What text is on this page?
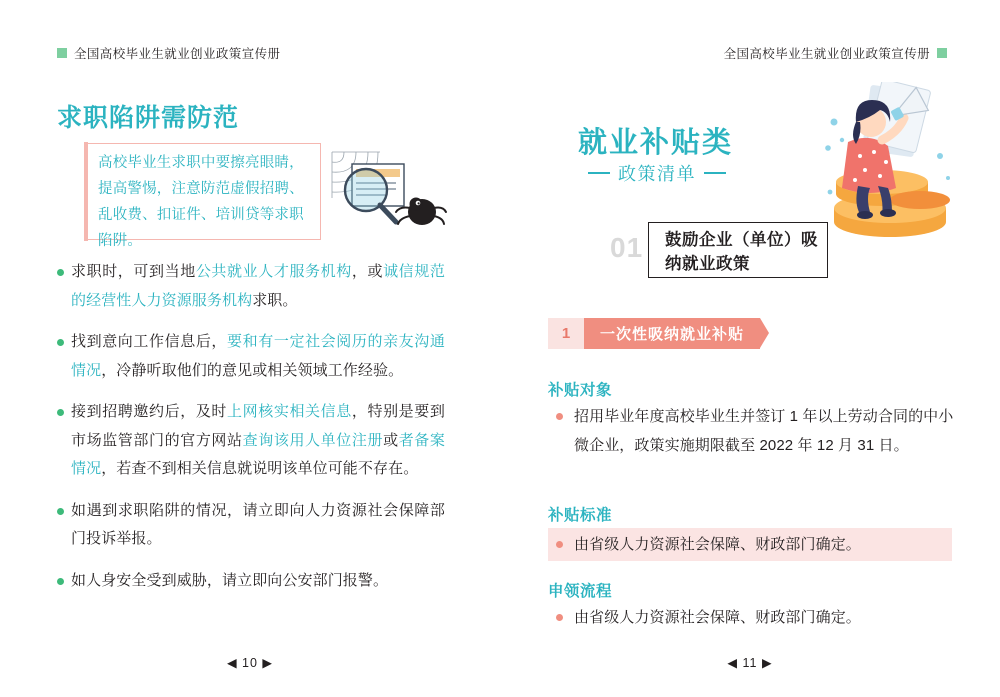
全国高校毕业生就业创业政策宣传册
求职陷阱需防范
高校毕业生求职中要擦亮眼睛，提高警惕，注意防范虚假招聘、乱收费、扣证件、培训贷等求职陷阱。
求职时，可到当地公共就业人才服务机构，或诚信规范的经营性人力资源服务机构求职。
找到意向工作信息后，要和有一定社会阅历的亲友沟通情况，冷静听取他们的意见或相关领域工作经验。
接到招聘邀约后，及时上网核实相关信息，特别是要到市场监管部门的官方网站查询该用人单位注册或者备案情况，若查不到相关信息就说明该单位可能不存在。
如遇到求职陷阱的情况，请立即向人力资源社会保障部门投诉举报。
如人身安全受到威胁，请立即向公安部门报警。
◀ 10 ▶
全国高校毕业生就业创业政策宣传册
就业补贴类
政策清单
01 鼓励企业（单位）吸纳就业政策
1	一次性吸纳就业补贴
补贴对象
招用毕业年度高校毕业生并签订 1 年以上劳动合同的中小微企业，政策实施期限截至 2022 年 12 月 31 日。
补贴标准
由省级人力资源社会保障、财政部门确定。
申领流程
由省级人力资源社会保障、财政部门确定。
◀ 11 ▶
